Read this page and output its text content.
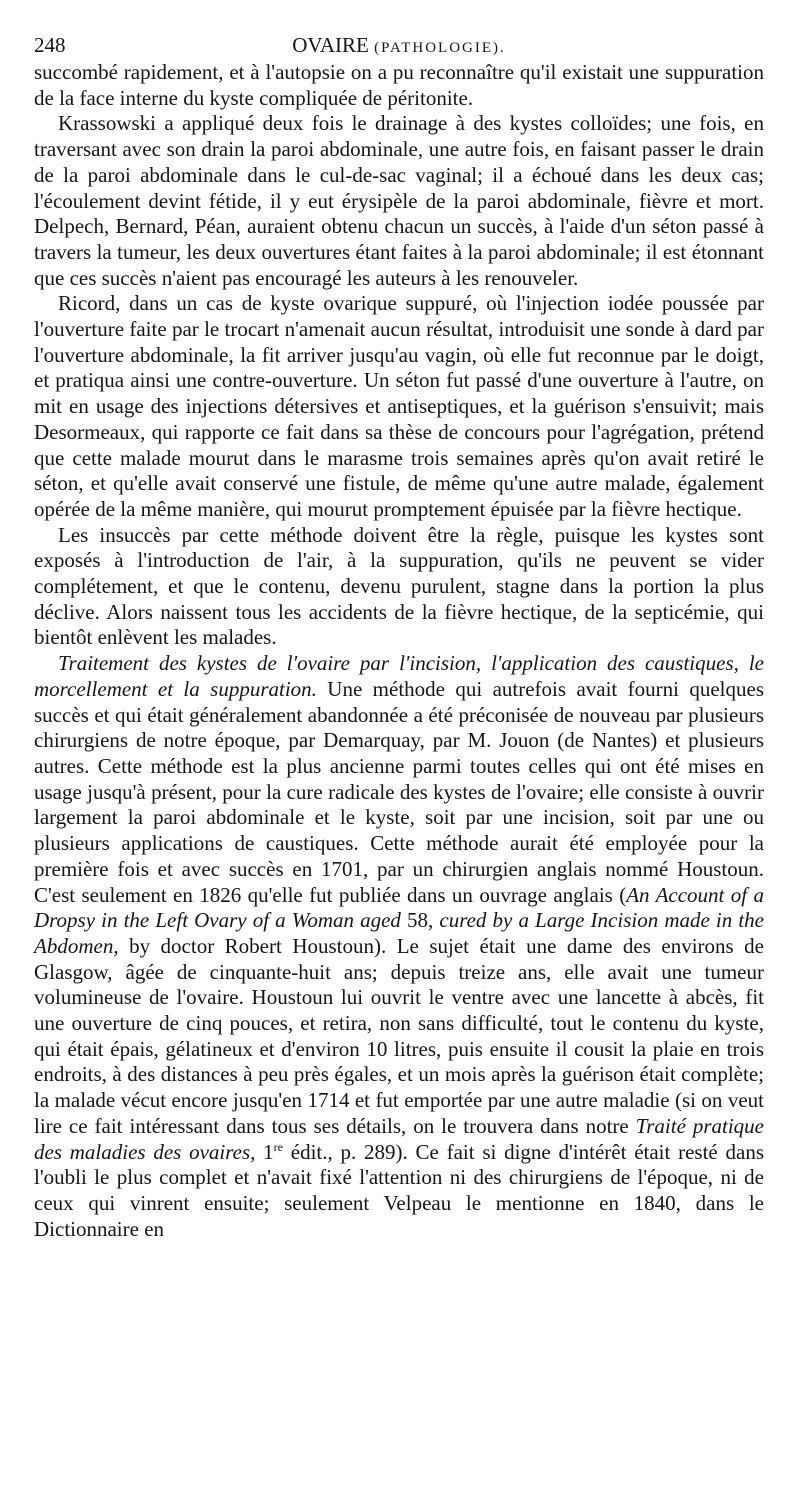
248	OVAIRE (PATHOLOGIE).

succombé rapidement, et à l'autopsie on a pu reconnaître qu'il existait une suppuration de la face interne du kyste compliquée de péritonite.

Krassowski a appliqué deux fois le drainage à des kystes colloïdes; une fois, en traversant avec son drain la paroi abdominale, une autre fois, en faisant passer le drain de la paroi abdominale dans le cul-de-sac vaginal; il a échoué dans les deux cas; l'écoulement devint fétide, il y eut érysipèle de la paroi abdominale, fièvre et mort. Delpech, Bernard, Péan, auraient obtenu chacun un succès, à l'aide d'un séton passé à travers la tumeur, les deux ouvertures étant faites à la paroi abdominale; il est étonnant que ces succès n'aient pas encouragé les auteurs à les renouveler.

Ricord, dans un cas de kyste ovarique suppuré, où l'injection iodée poussée par l'ouverture faite par le trocart n'amenait aucun résultat, introduisit une sonde à dard par l'ouverture abdominale, la fit arriver jusqu'au vagin, où elle fut reconnue par le doigt, et pratiqua ainsi une contre-ouverture. Un séton fut passé d'une ouverture à l'autre, on mit en usage des injections détersives et antiseptiques, et la guérison s'ensuivit; mais Desormeaux, qui rapporte ce fait dans sa thèse de concours pour l'agrégation, prétend que cette malade mourut dans le marasme trois semaines après qu'on avait retiré le séton, et qu'elle avait conservé une fistule, de même qu'une autre malade, également opérée de la même manière, qui mourut promptement épuisée par la fièvre hectique.

Les insuccès par cette méthode doivent être la règle, puisque les kystes sont exposés à l'introduction de l'air, à la suppuration, qu'ils ne peuvent se vider complétement, et que le contenu, devenu purulent, stagne dans la portion la plus déclive. Alors naissent tous les accidents de la fièvre hectique, de la septicémie, qui bientôt enlèvent les malades.

Traitement des kystes de l'ovaire par l'incision, l'application des caustiques, le morcellement et la suppuration. Une méthode qui autrefois avait fourni quelques succès et qui était généralement abandonnée a été préconisée de nouveau par plusieurs chirurgiens de notre époque, par Demarquay, par M. Jouon (de Nantes) et plusieurs autres. Cette méthode est la plus ancienne parmi toutes celles qui ont été mises en usage jusqu'à présent, pour la cure radicale des kystes de l'ovaire; elle consiste à ouvrir largement la paroi abdominale et le kyste, soit par une incision, soit par une ou plusieurs applications de caustiques. Cette méthode aurait été employée pour la première fois et avec succès en 1701, par un chirurgien anglais nommé Houstoun. C'est seulement en 1826 qu'elle fut publiée dans un ouvrage anglais (An Account of a Dropsy in the Left Ovary of a Woman aged 58, cured by a Large Incision made in the Abdomen, by doctor Robert Houstoun). Le sujet était une dame des environs de Glasgow, âgée de cinquante-huit ans; depuis treize ans, elle avait une tumeur volumineuse de l'ovaire. Houstoun lui ouvrit le ventre avec une lancette à abcès, fit une ouverture de cinq pouces, et retira, non sans difficulté, tout le contenu du kyste, qui était épais, gélatineux et d'environ 10 litres, puis ensuite il cousit la plaie en trois endroits, à des distances à peu près égales, et un mois après la guérison était complète; la malade vécut encore jusqu'en 1714 et fut emportée par une autre maladie (si on veut lire ce fait intéressant dans tous ses détails, on le trouvera dans notre Traité pratique des maladies des ovaires, 1re édit., p. 289). Ce fait si digne d'intérêt était resté dans l'oubli le plus complet et n'avait fixé l'attention ni des chirurgiens de l'époque, ni de ceux qui vinrent ensuite; seulement Velpeau le mentionne en 1840, dans le Dictionnaire en
